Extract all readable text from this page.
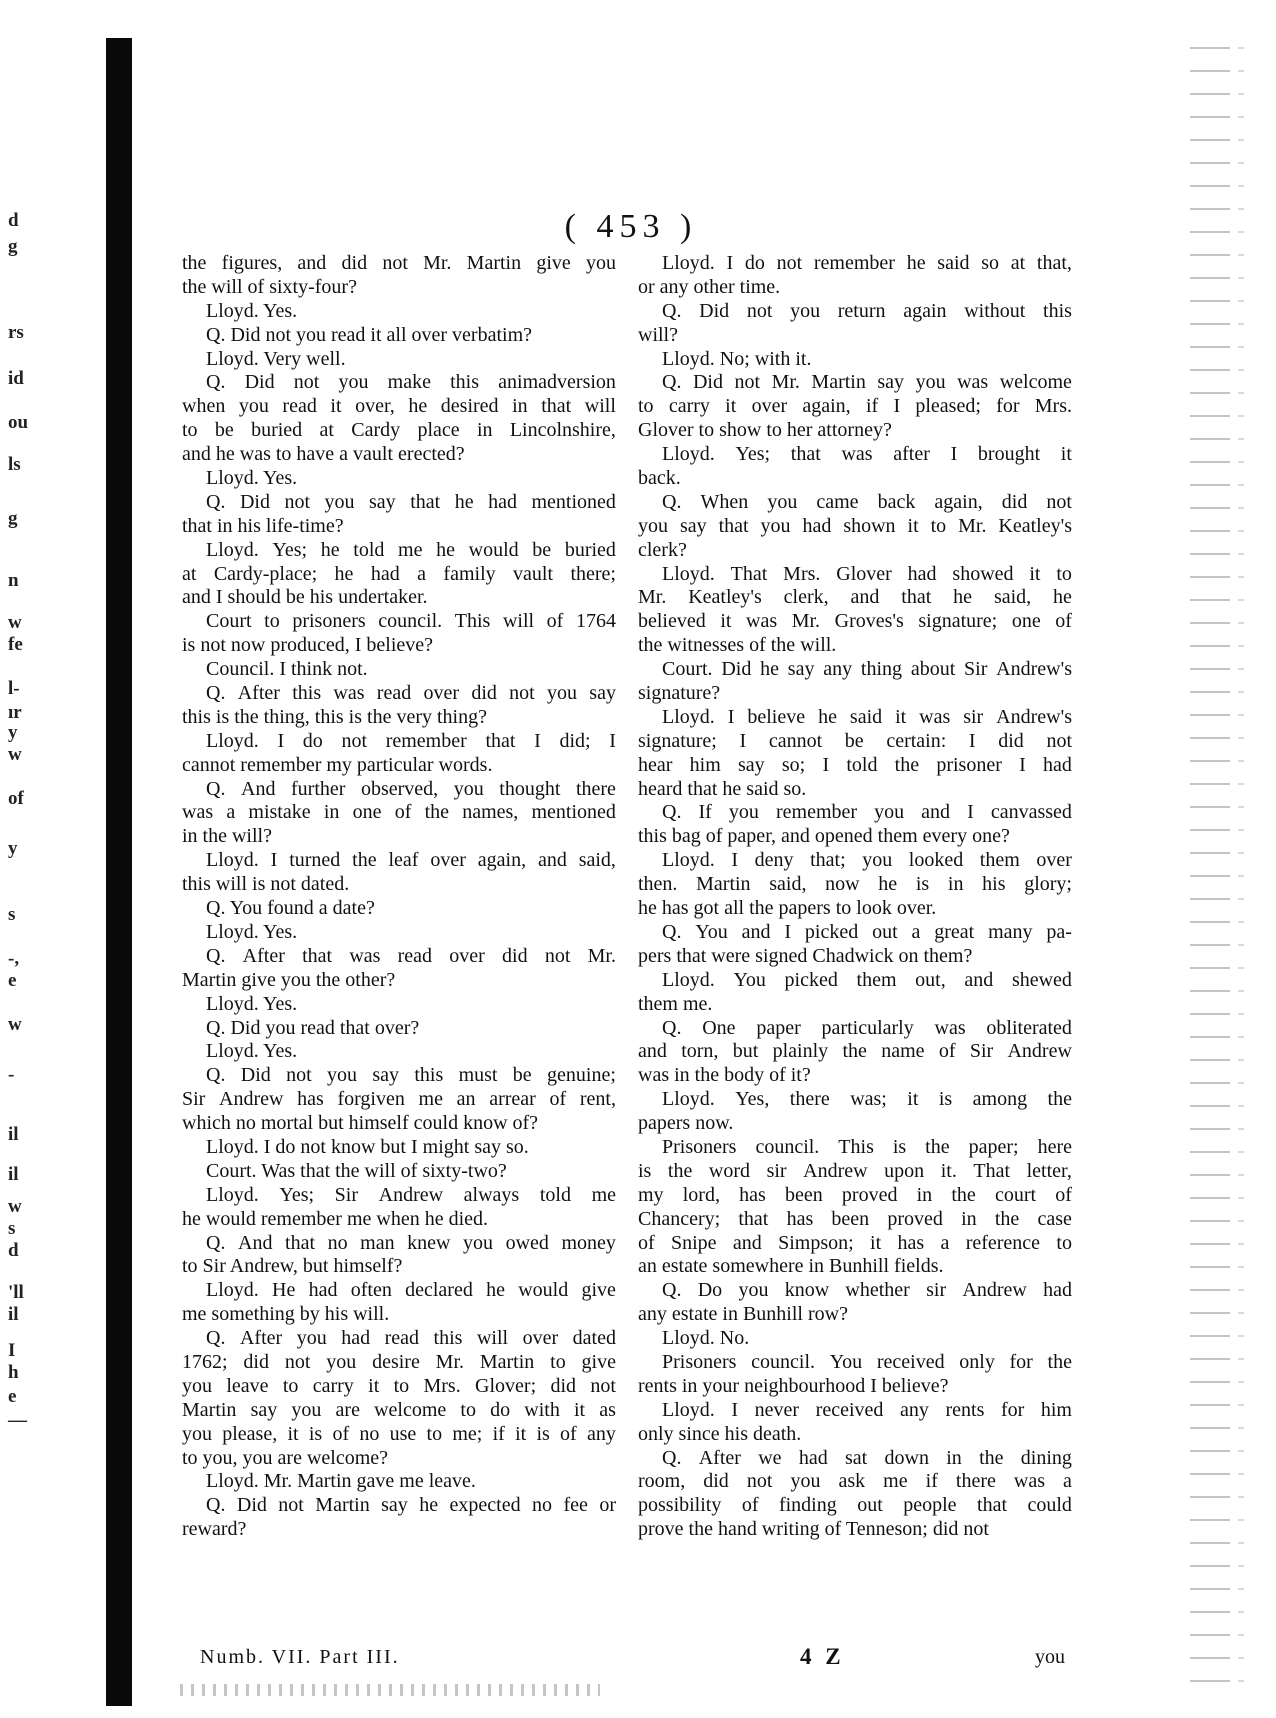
d
g
rs
id
ou
ls
g
n
w
fe
l-
ır
y
w
of
y
s
-,
e
w
-
il
il
w
s
d
'll
il
I
h
e
—
( 453 )
the figures, and did not Mr. Martin give you
the will of sixty-four?
Lloyd. Yes.
Q. Did not you read it all over verbatim?
Lloyd. Very well.
Q. Did not you make this animadversion
when you read it over, he desired in that will
to be buried at Cardy place in Lincolnshire,
and he was to have a vault erected?
Lloyd. Yes.
Q. Did not you say that he had mentioned
that in his life-time?
Lloyd. Yes; he told me he would be buried
at Cardy-place; he had a family vault there;
and I should be his undertaker.
Court to prisoners council. This will of 1764
is not now produced, I believe?
Council. I think not.
Q. After this was read over did not you say
this is the thing, this is the very thing?
Lloyd. I do not remember that I did; I
cannot remember my particular words.
Q. And further observed, you thought there
was a mistake in one of the names, mentioned
in the will?
Lloyd. I turned the leaf over again, and said,
this will is not dated.
Q. You found a date?
Lloyd. Yes.
Q. After that was read over did not Mr.
Martin give you the other?
Lloyd. Yes.
Q. Did you read that over?
Lloyd. Yes.
Q. Did not you say this must be genuine;
Sir Andrew has forgiven me an arrear of rent,
which no mortal but himself could know of?
Lloyd. I do not know but I might say so.
Court. Was that the will of sixty-two?
Lloyd. Yes; Sir Andrew always told me
he would remember me when he died.
Q. And that no man knew you owed money
to Sir Andrew, but himself?
Lloyd. He had often declared he would give
me something by his will.
Q. After you had read this will over dated
1762; did not you desire Mr. Martin to give
you leave to carry it to Mrs. Glover; did not
Martin say you are welcome to do with it as
you please, it is of no use to me; if it is of any
to you, you are welcome?
Lloyd. Mr. Martin gave me leave.
Q. Did not Martin say he expected no fee or
reward?
Lloyd. I do not remember he said so at that,
or any other time.
Q. Did not you return again without this
will?
Lloyd. No; with it.
Q. Did not Mr. Martin say you was welcome
to carry it over again, if I pleased; for Mrs.
Glover to show to her attorney?
Lloyd. Yes; that was after I brought it
back.
Q. When you came back again, did not
you say that you had shown it to Mr. Keatley's
clerk?
Lloyd. That Mrs. Glover had showed it to
Mr. Keatley's clerk, and that he said, he
believed it was Mr. Groves's signature; one of
the witnesses of the will.
Court. Did he say any thing about Sir Andrew's
signature?
Lloyd. I believe he said it was sir Andrew's
signature; I cannot be certain: I did not
hear him say so; I told the prisoner I had
heard that he said so.
Q. If you remember you and I canvassed
this bag of paper, and opened them every one?
Lloyd. I deny that; you looked them over
then. Martin said, now he is in his glory;
he has got all the papers to look over.
Q. You and I picked out a great many pa-
pers that were signed Chadwick on them?
Lloyd. You picked them out, and shewed
them me.
Q. One paper particularly was obliterated
and torn, but plainly the name of Sir Andrew
was in the body of it?
Lloyd. Yes, there was; it is among the
papers now.
Prisoners council. This is the paper; here
is the word sir Andrew upon it. That letter,
my lord, has been proved in the court of
Chancery; that has been proved in the case
of Snipe and Simpson; it has a reference to
an estate somewhere in Bunhill fields.
Q. Do you know whether sir Andrew had
any estate in Bunhill row?
Lloyd. No.
Prisoners council. You received only for the
rents in your neighbourhood I believe?
Lloyd. I never received any rents for him
only since his death.
Q. After we had sat down in the dining
room, did not you ask me if there was a
possibility of finding out people that could
prove the hand writing of Tenneson; did not
Numb. VII. Part III.	4 Z	you
